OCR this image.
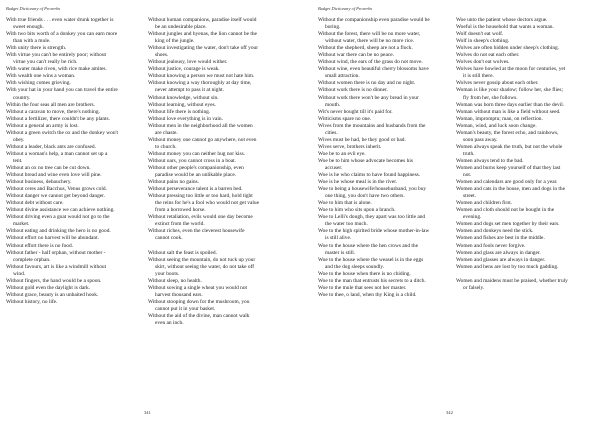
Budget Dictionary of Proverbs
With true friends . . . even water drunk together is sweet enough.
With two bits worth of a donkey you can earn more than with a mule.
With unity there is strength.
With virtue you can't be entirely poor; without virtue you can't really be rich.
With water make riven, with rice make amites.
With wealth one wins a woman.
With wishing comes grieving.
With your hat in your hand you can travel the entire country.
Within the four seas all men are brothers.
Without a caravan to move, there's nothing.
Without a fertilizer, there couldn't be any plants.
Without a general an army is lost.
Without a green switch the ox and the donkey won't obey.
Without a leader, black ants are confused.
Without a woman's help, a man cannot set up a tent.
Without an ox no tree can be cut down.
Without bread and wine even love will pine.
Without business, debauchery.
Without ceres and Bacchus, Venus grows cold.
Without danger we cannot get beyond danger.
Without debt without care.
Without divine assistance we can achieve nothing.
Without driving even a goat would not go to the market.
Without eating and drinking the hero is no good.
Without effort no harvest will be abundant.
Without effort there is no food.
Without father - half orphan, without mother - complete orphan.
Without favours, art is like a windmill without wind.
Without fingers, the hand would be a spoon.
Without gold even the daylight is dark.
Without grace, beauty is an unbaited hook.
Without history, no life.
Without human companions, paradise itself would be an undesirable place.
Without jungles and hyenas, the lion cannot be the king of the jungle.
Without investigating the water, don't take off your shoes.
Without jealousy, love would wither.
Without justice, courage is weak.
Without knowing a person we must not hate him.
Without knowing a way thoroughly at day time, never attempt to pass it at night.
Without knowledge, without sin.
Without learning, without eyes.
Without life there is nothing.
Without love everything is in vain.
Without men in the neighborhood all the women are chaste.
Without money one cannot go anywhere, not even to church.
Without money you can neither hug nor kiss.
Without oars, you cannot cross in a boat.
Without other people's companionship, even paradise would be an unlikable place.
Without pains no gains.
Without perseverance talent is a barren bed.
Without pressing too little or too hard, hold tight the reins for he's a fool who would not get value from a borrowed horse.
Without retaliation, evils would one day become extinct from the world.
Without riches, even the cleverest housewife cannot cook.
Without salt the feast is spoiled.
Without seeing the mountain, do not tuck up your skirt, without seeing the water, do not take off your boots.
Without sleep, no health.
Without sowing a single wheat you would not harvest thousand ears.
Without stooping down for the mushroom, you cannot put it in your basket.
Without the aid of the divine, man cannot walk even an inch.
341
Budget Dictionary of Proverbs
Without the companionship even paradise would be boring.
Without the forest, there will be no more water, without water, there will be no more rice.
Without the shepherd, sheep are not a flock.
Without war there can be no peace.
Without wind, the ears of the grass do not move.
Without wine, even beautiful cherry blossoms have small attraction.
Without women there is no day and no night.
Without work there is no dinner.
Without work there won't be any bread in your mouth.
Wit's never bought till it's paid for.
Witticisms spare no one.
Wives from the mountains and husbands from the cities.
Wives must be had, be they good or bad.
Wives serve, brothers inherit.
Woe be to an evil eye.
Woe be to him whose advocate becomes his accuser.
Woe is he who claims to have found happiness.
Woe is he whose meal is in the river.
Woe to being a housewife/househusband, you buy one thing, you don't have two others.
Woe to him that is alone.
Woe to him who sits upon a branch.
Woe to Lelli's dough, they apart was too little and the water too much.
Woe to the high spirited bride whose mother-in-law is still alive.
Woe to the house where the hen crows and the master is still.
Woe to the house where the weasel is in the eggs and the dog sleeps soundly.
Woe to the house when there is no chiding.
Woe to the man that entrusts his secrets to a ditch.
Woe to the mule that sees not her master.
Woe to thee, o land, when thy King is a child.
Woe unto the patient whose doctors argue.
Woeful is the household that wants a woman.
Wolf doesn't eat wolf.
Wolf in sheep's clothing.
Wolves are often hidden under sheep's clothing.
Wolves do not eat each other.
Wolves don't eat wolves.
Wolves have howled at the moon for centuries, yet it is still there.
Wolves never gossip about each other.
Woman is like your shadow; follow her, she flies; fly from her, she follows.
Woman was born three days earlier than the devil.
Woman without man is like a field without seed.
Woman, impromptu; man, on reflection.
Woman, wind, and luck soon change.
Woman's beauty, the forest echo, and rainbows, soon pass away.
Women always speak the truth, but not the whole truth.
Women always tend to the bad.
Women and burns keep yourself of that they last not.
Women and calendars are good only for a year.
Women and cats in the house, men and dogs in the street.
Women and children first.
Women and cloth should not be bought in the evening.
Women and dogs set men together by their ears.
Women and donkeys need the stick.
Women and fishes are best in the middle.
Women and fools never forgive.
Women and glass are always in danger.
Women and glasses are always in danger.
Women and hens are lost by too much gadding.
Women and maidens must be praised, whether truly or falsely.
342
